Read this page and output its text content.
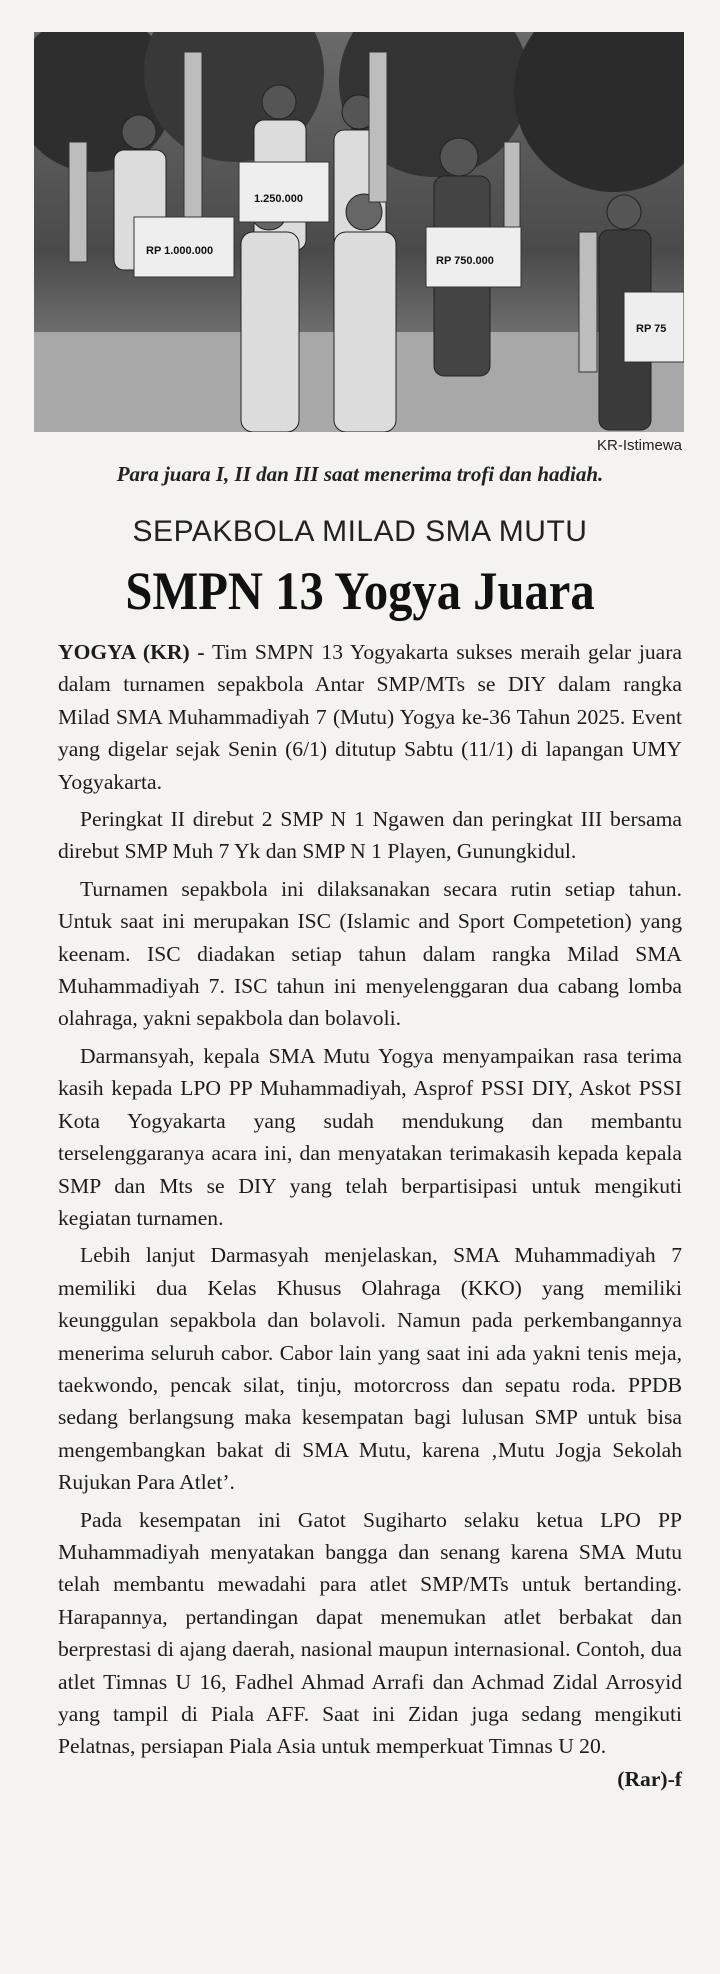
RP 1.000.000
1.250.000
RP 750.000
RP 75
KR-Istimewa
Para juara I, II dan III saat menerima trofi dan hadiah.
SEPAKBOLA MILAD SMA MUTU
SMPN 13 Yogya Juara

YOGYA (KR) - Tim SMPN 13 Yogyakarta sukses meraih gelar juara dalam turnamen sepakbola Antar SMP/MTs se DIY dalam rangka Milad SMA Muhammadiyah 7 (Mutu) Yogya ke-36 Tahun 2025. Event yang digelar sejak Senin (6/1) ditutup Sabtu (11/1) di lapangan UMY Yogyakarta.

Peringkat II direbut 2 SMP N 1 Ngawen dan peringkat III bersama direbut SMP Muh 7 Yk dan SMP N 1 Playen, Gunungkidul.

Turnamen sepakbola ini dilaksanakan secara rutin setiap tahun. Untuk saat ini merupakan ISC (Islamic and Sport Competetion) yang keenam. ISC diadakan setiap tahun dalam rangka Milad SMA Muhammadiyah 7. ISC tahun ini menyelenggaran dua cabang lomba olahraga, yakni sepakbola dan bolavoli.

Darmansyah, kepala SMA Mutu Yogya menyampaikan rasa terima kasih kepada LPO PP Muhammadiyah, Asprof PSSI DIY, Askot PSSI Kota Yogyakarta yang sudah mendukung dan membantu terselenggaranya acara ini, dan menyatakan terimakasih kepada kepala SMP dan Mts se DIY yang telah berpartisipasi untuk mengikuti kegiatan turnamen.

Lebih lanjut Darmasyah menjelaskan, SMA Muhammadiyah 7 memiliki dua Kelas Khusus Olahraga (KKO) yang memiliki keunggulan sepakbola dan bolavoli. Namun pada perkembangannya menerima seluruh cabor. Cabor lain yang saat ini ada yakni tenis meja, taekwondo, pencak silat, tinju, motorcross dan sepatu roda. PPDB sedang berlangsung maka kesempatan bagi lulusan SMP untuk bisa mengembangkan bakat di SMA Mutu, karena ‚Mutu Jogja Sekolah Rujukan Para Atlet’.

Pada kesempatan ini Gatot Sugiharto selaku ketua LPO PP Muhammadiyah menyatakan bangga dan senang karena SMA Mutu telah membantu mewadahi para atlet SMP/MTs untuk bertanding. Harapannya, pertandingan dapat menemukan atlet berbakat dan berprestasi di ajang daerah, nasional maupun internasional. Contoh, dua atlet Timnas U 16, Fadhel Ahmad Arrafi dan Achmad Zidal Arrosyid yang tampil di Piala AFF. Saat ini Zidan juga sedang mengikuti Pelatnas, persiapan Piala Asia untuk memperkuat Timnas U 20.
(Rar)-f
